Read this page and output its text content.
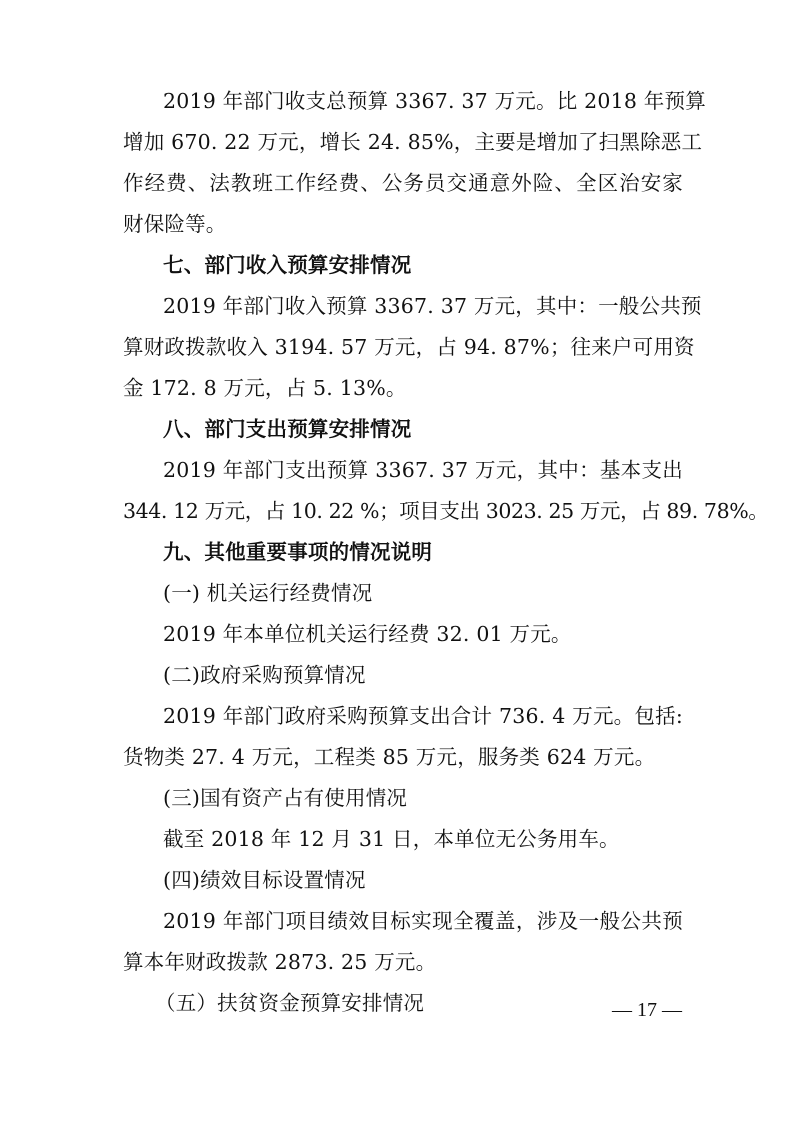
2019 年部门收支总预算 3367. 37 万元。比 2018 年预算
增加 670. 22 万元，增长 24. 85%，主要是增加了扫黑除恶工
作经费、法教班工作经费、公务员交通意外险、全区治安家
财保险等。
七、部门收入预算安排情况
2019 年部门收入预算 3367. 37 万元，其中：一般公共预
算财政拨款收入 3194. 57 万元，占 94. 87%；往来户可用资
金 172. 8 万元，占 5. 13%。
八、部门支出预算安排情况
2019 年部门支出预算 3367. 37 万元，其中：基本支出
344. 12 万元，占 10. 22 %；项目支出 3023. 25 万元，占 89. 78%。
九、其他重要事项的情况说明
(一) 机关运行经费情况
2019 年本单位机关运行经费 32. 01 万元。
(二)政府采购预算情况
2019 年部门政府采购预算支出合计 736. 4 万元。包括:
货物类 27. 4 万元，工程类 85 万元，服务类 624 万元。
(三)国有资产占有使用情况
截至 2018 年 12 月 31 日，本单位无公务用车。
(四)绩效目标设置情况
2019 年部门项目绩效目标实现全覆盖，涉及一般公共预
算本年财政拨款 2873. 25 万元。
（五）扶贫资金预算安排情况	— 17 —
